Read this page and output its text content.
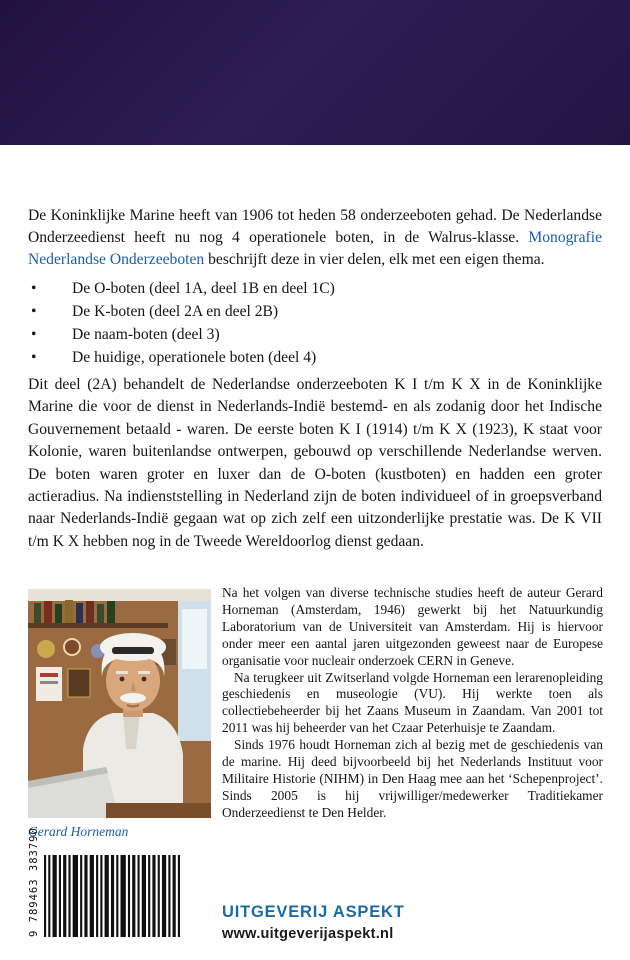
De Koninklijke Marine heeft van 1906 tot heden 58 onderzeeboten gehad. De Nederlandse Onderzeedienst heeft nu nog 4 operationele boten, in de Walrus-klasse. Monografie Nederlandse Onderzeeboten beschrijft deze in vier delen, elk met een eigen thema.

• De O-boten (deel 1A, deel 1B en deel 1C)
• De K-boten (deel 2A en deel 2B)
• De naam-boten (deel 3)
• De huidige, operationele boten (deel 4)

Dit deel (2A) behandelt de Nederlandse onderzeeboten K I t/m K X in de Koninklijke Marine die voor de dienst in Nederlands-Indië bestemd- en als zodanig door het Indische Gouvernement betaald - waren. De eerste boten K I (1914) t/m K X (1923), K staat voor Kolonie, waren buitenlandse ontwerpen, gebouwd op verschillende Nederlandse werven. De boten waren groter en luxer dan de O-boten (kustboten) en hadden een groter actieradius. Na indienststelling in Nederland zijn de boten individueel of in groepsverband naar Nederlands-Indië gegaan wat op zich zelf een uitzonderlijke prestatie was. De K VII t/m K X hebben nog in de Tweede Wereldoorlog dienst gedaan.

Gerard Horneman

Na het volgen van diverse technische studies heeft de auteur Gerard Horneman (Amsterdam, 1946) gewerkt bij het Natuurkundig Laboratorium van de Universiteit van Amsterdam. Hij is hiervoor onder meer een aantal jaren uitgezonden geweest naar de Europese organisatie voor nucleair onderzoek CERN in Geneve.

Na terugkeer uit Zwitserland volgde Horneman een lerarenopleiding geschiedenis en museologie (VU). Hij werkte toen als collectiebeheerder bij het Zaans Museum in Zaandam. Van 2001 tot 2011 was hij beheerder van het Czaar Peterhuisje te Zaandam.

Sinds 1976 houdt Horneman zich al bezig met de geschiedenis van de marine. Hij deed bijvoorbeeld bij het Nederlands Instituut voor Militaire Historie (NIHM) in Den Haag mee aan het ‘Schepenproject’. Sinds 2005 is hij vrijwilliger/medewerker Traditiekamer Onderzeedienst te Den Helder.

9 789463 383790	UITGEVERIJ ASPEKT
www.uitgeverijaspekt.nl
